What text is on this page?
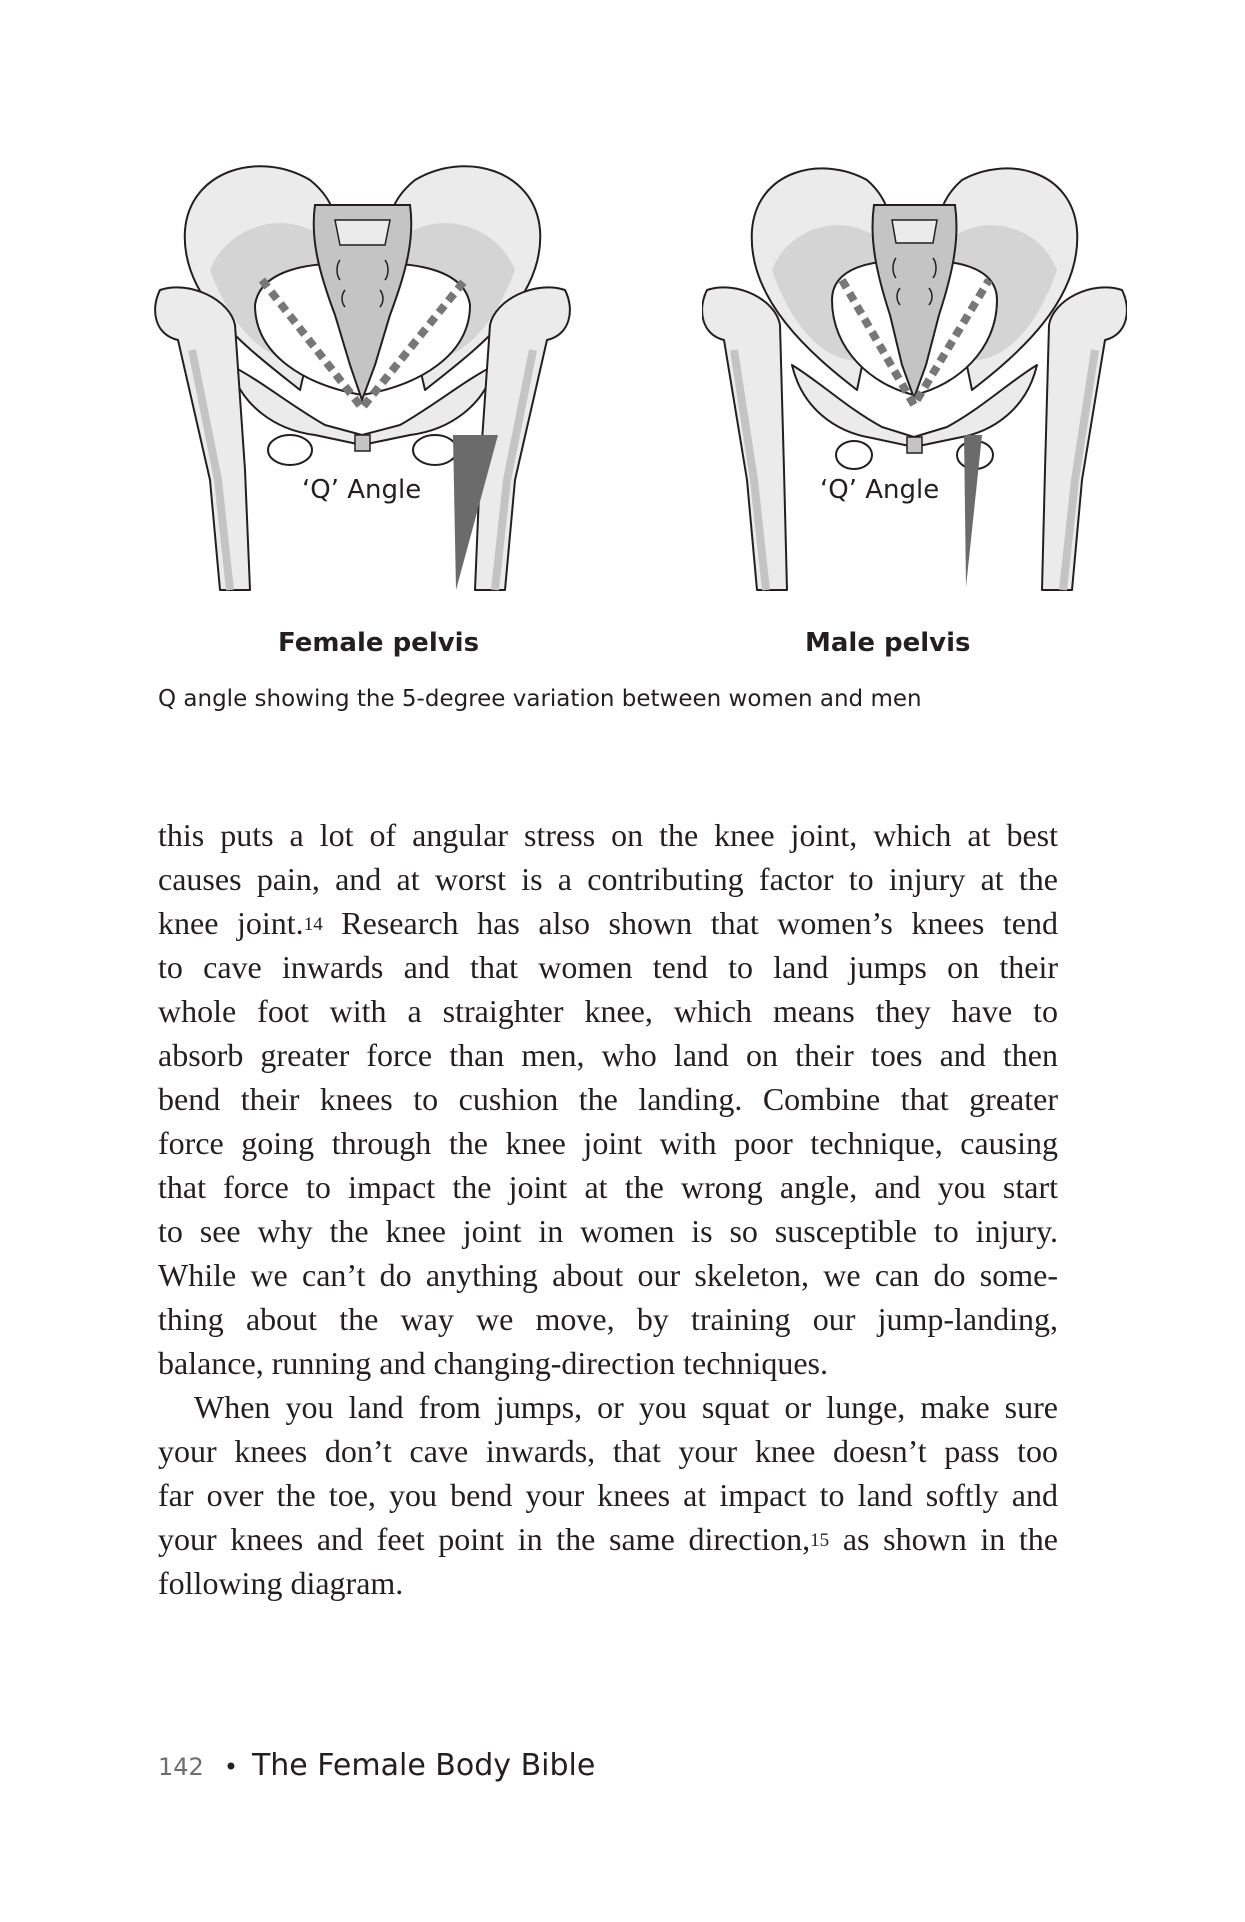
‘Q’ Angle	‘Q’ Angle
Female pelvis	Male pelvis
Q angle showing the 5-degree variation between women and men
this puts a lot of angular stress on the knee joint, which at best
causes pain, and at worst is a contributing factor to injury at the
knee joint.$^{14}$ Research has also shown that women’s knees tend
to cave inwards and that women tend to land jumps on their
whole foot with a straighter knee, which means they have to
absorb greater force than men, who land on their toes and then
bend their knees to cushion the landing. Combine that greater
force going through the knee joint with poor technique, causing
that force to impact the joint at the wrong angle, and you start
to see why the knee joint in women is so susceptible to injury.
While we can’t do anything about our skeleton, we can do some-
thing about the way we move, by training our jump-landing,
balance, running and changing-direction techniques.
When you land from jumps, or you squat or lunge, make sure
your knees don’t cave inwards, that your knee doesn’t pass too
far over the toe, you bend your knees at impact to land softly and
your knees and feet point in the same direction,$^{15}$ as shown in the
following diagram.
142 • The Female Body Bible
